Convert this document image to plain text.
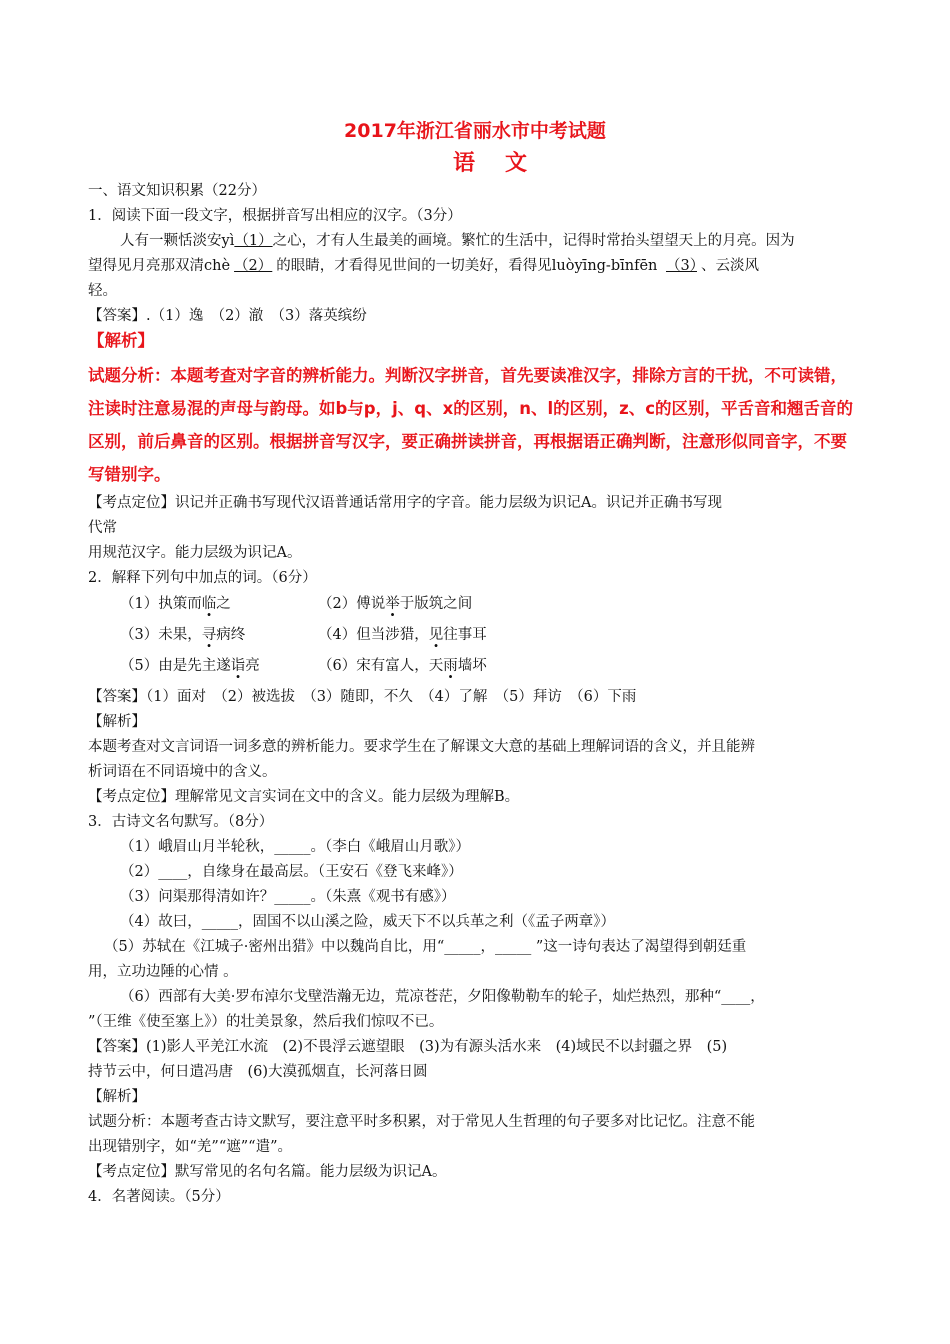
2017年浙江省丽水市中考试题
语文
一、语文知识积累（22分）
1．阅读下面一段文字，根据拼音写出相应的汉字。（3分）
人有一颗恬淡安yì（1）之心，才有人生最美的画境。繁忙的生活中，记得时常抬头望望天上的月亮。因为
望得见月亮那双清chè （2） 的眼睛，才看得见世间的一切美好，看得见luòyīng-bīnfēn （3） 、云淡风
轻。
【答案】.（1）逸　（2）澈　（3）落英缤纷
【解析】
试题分析：本题考查对字音的辨析能力。判断汉字拼音，首先要读准汉字，排除方言的干扰，不可读错，
注读时注意易混的声母与韵母。如b与p，j、q、x的区别，n、l的区别，z、c的区别，平舌音和翘舌音的
区别，前后鼻音的区别。根据拼音写汉字，要正确拼读拼音，再根据语正确判断，注意形似同音字，不要
写错别字。
【考点定位】识记并正确书写现代汉语普通话常用字的字音。能力层级为识记A。识记并正确书写现
代常
用规范汉字。能力层级为识记A。
2．解释下列句中加点的词。（6分）
（1）执策而临之	（2）傅说举于版筑之间
（3）未果，寻病终	（4）但当涉猎，见往事耳
（5）由是先主遂诣亮	（6）宋有富人，天雨墙坏
【答案】（1）面对　（2）被选拔　（3）随即，不久　（4）了解　（5）拜访　（6）下雨
【解析】
本题考查对文言词语一词多意的辨析能力。要求学生在了解课文大意的基础上理解词语的含义，并且能辨
析词语在不同语境中的含义。
【考点定位】理解常见文言实词在文中的含义。能力层级为理解B。
3．古诗文名句默写。（8分）
（1）峨眉山月半轮秋，_____。（李白《峨眉山月歌》）
（2）____，自缘身在最高层。（王安石《登飞来峰》）
（3）问渠那得清如许？_____。（朱熹《观书有感》）
（4）故曰，_____，固国不以山溪之险，威天下不以兵革之利（《孟子两章》）
（5）苏轼在《江城子·密州出猎》中以魏尚自比，用“_____，_____ ”这一诗句表达了渴望得到朝廷重
用，立功边陲的心情 。
（6）西部有大美·罗布淖尔戈壁浩瀚无边，荒凉苍茫，夕阳像勒勒车的轮子，灿烂热烈，那种“____，
”（王维《使至塞上》）的壮美景象，然后我们惊叹不已。
【答案】(1)影人平羌江水流　(2)不畏浮云遮望眼　(3)为有源头活水来　(4)域民不以封疆之界　(5)
持节云中，何日遣冯唐　(6)大漠孤烟直，长河落日圆
【解析】
试题分析：本题考查古诗文默写，要注意平时多积累，对于常见人生哲理的句子要多对比记忆。注意不能
出现错别字，如“羌”“遮”“遣”。
【考点定位】默写常见的名句名篇。能力层级为识记A。
4．名著阅读。（5分）
